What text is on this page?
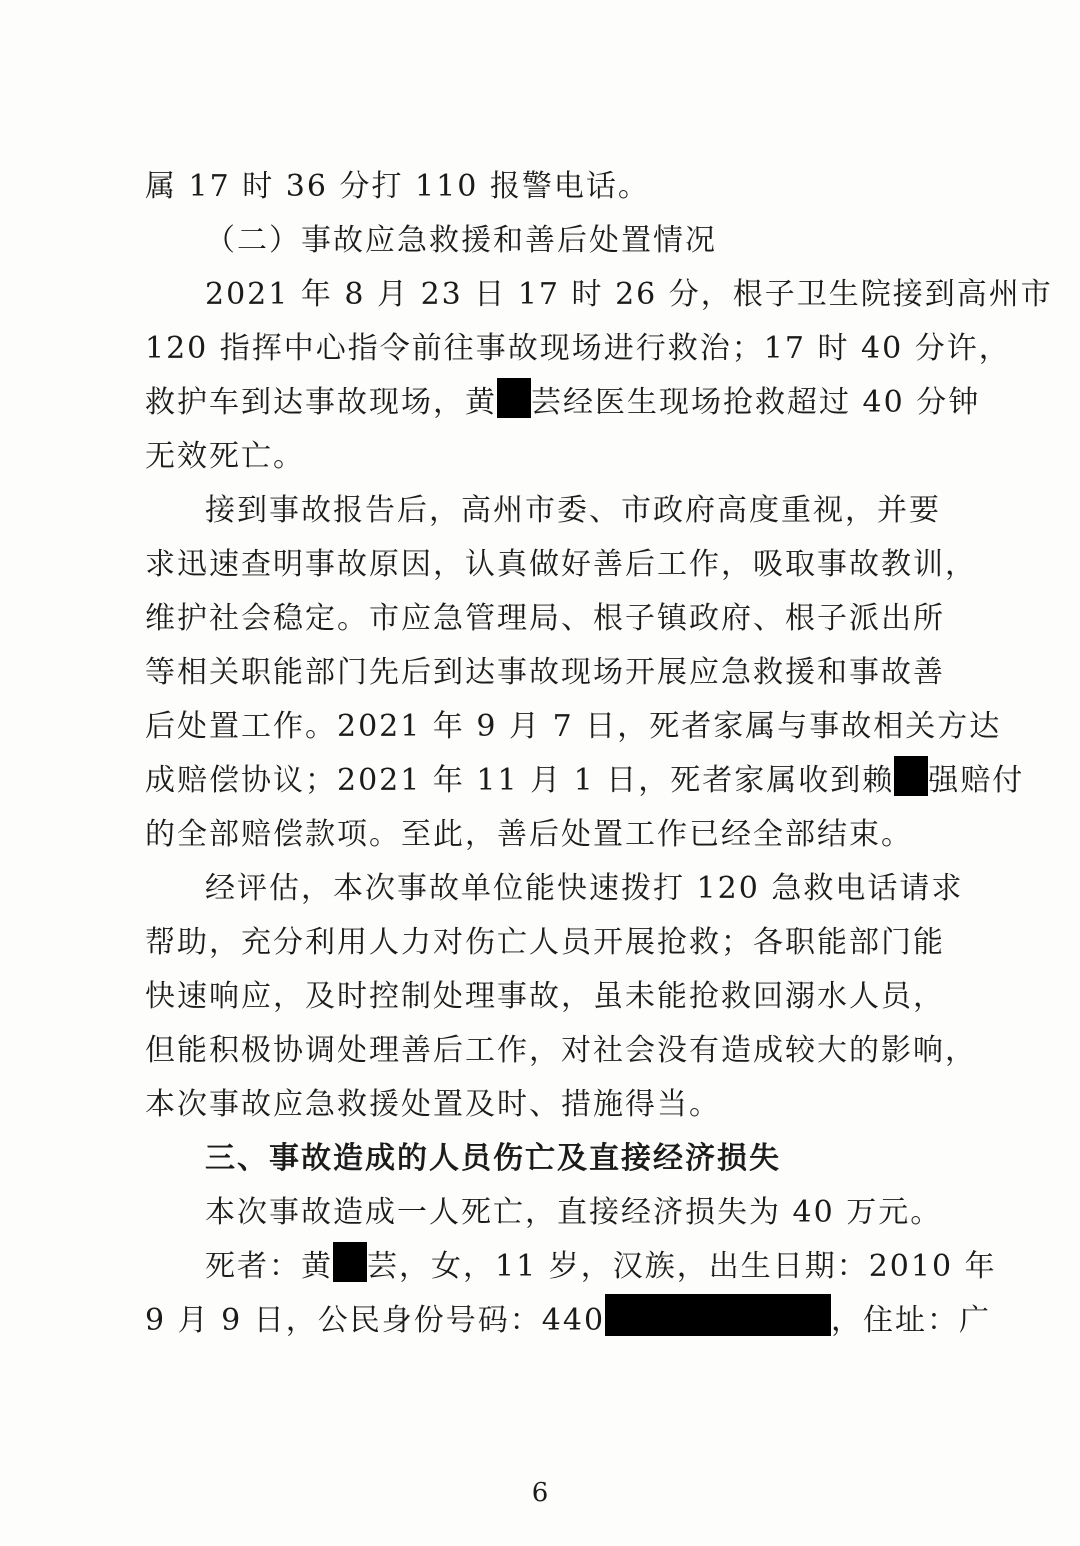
属 17 时 36 分打 110 报警电话。
（二）事故应急救援和善后处置情况
2021 年 8 月 23 日 17 时 26 分，根子卫生院接到高州市
120 指挥中心指令前往事故现场进行救治；17 时 40 分许，
救护车到达事故现场，黄 芸经医生现场抢救超过 40 分钟
无效死亡。
接到事故报告后，高州市委、市政府高度重视，并要
求迅速查明事故原因，认真做好善后工作，吸取事故教训，
维护社会稳定。市应急管理局、根子镇政府、根子派出所
等相关职能部门先后到达事故现场开展应急救援和事故善
后处置工作。2021 年 9 月 7 日，死者家属与事故相关方达
成赔偿协议；2021 年 11 月 1 日，死者家属收到赖 强赔付
的全部赔偿款项。至此，善后处置工作已经全部结束。
经评估，本次事故单位能快速拨打 120 急救电话请求
帮助，充分利用人力对伤亡人员开展抢救；各职能部门能
快速响应，及时控制处理事故，虽未能抢救回溺水人员，
但能积极协调处理善后工作，对社会没有造成较大的影响，
本次事故应急救援处置及时、措施得当。
三、事故造成的人员伤亡及直接经济损失
本次事故造成一人死亡，直接经济损失为 40 万元。
死者：黄 芸，女，11 岁，汉族，出生日期：2010 年
9 月 9 日，公民身份号码：440	，住址：广
6
